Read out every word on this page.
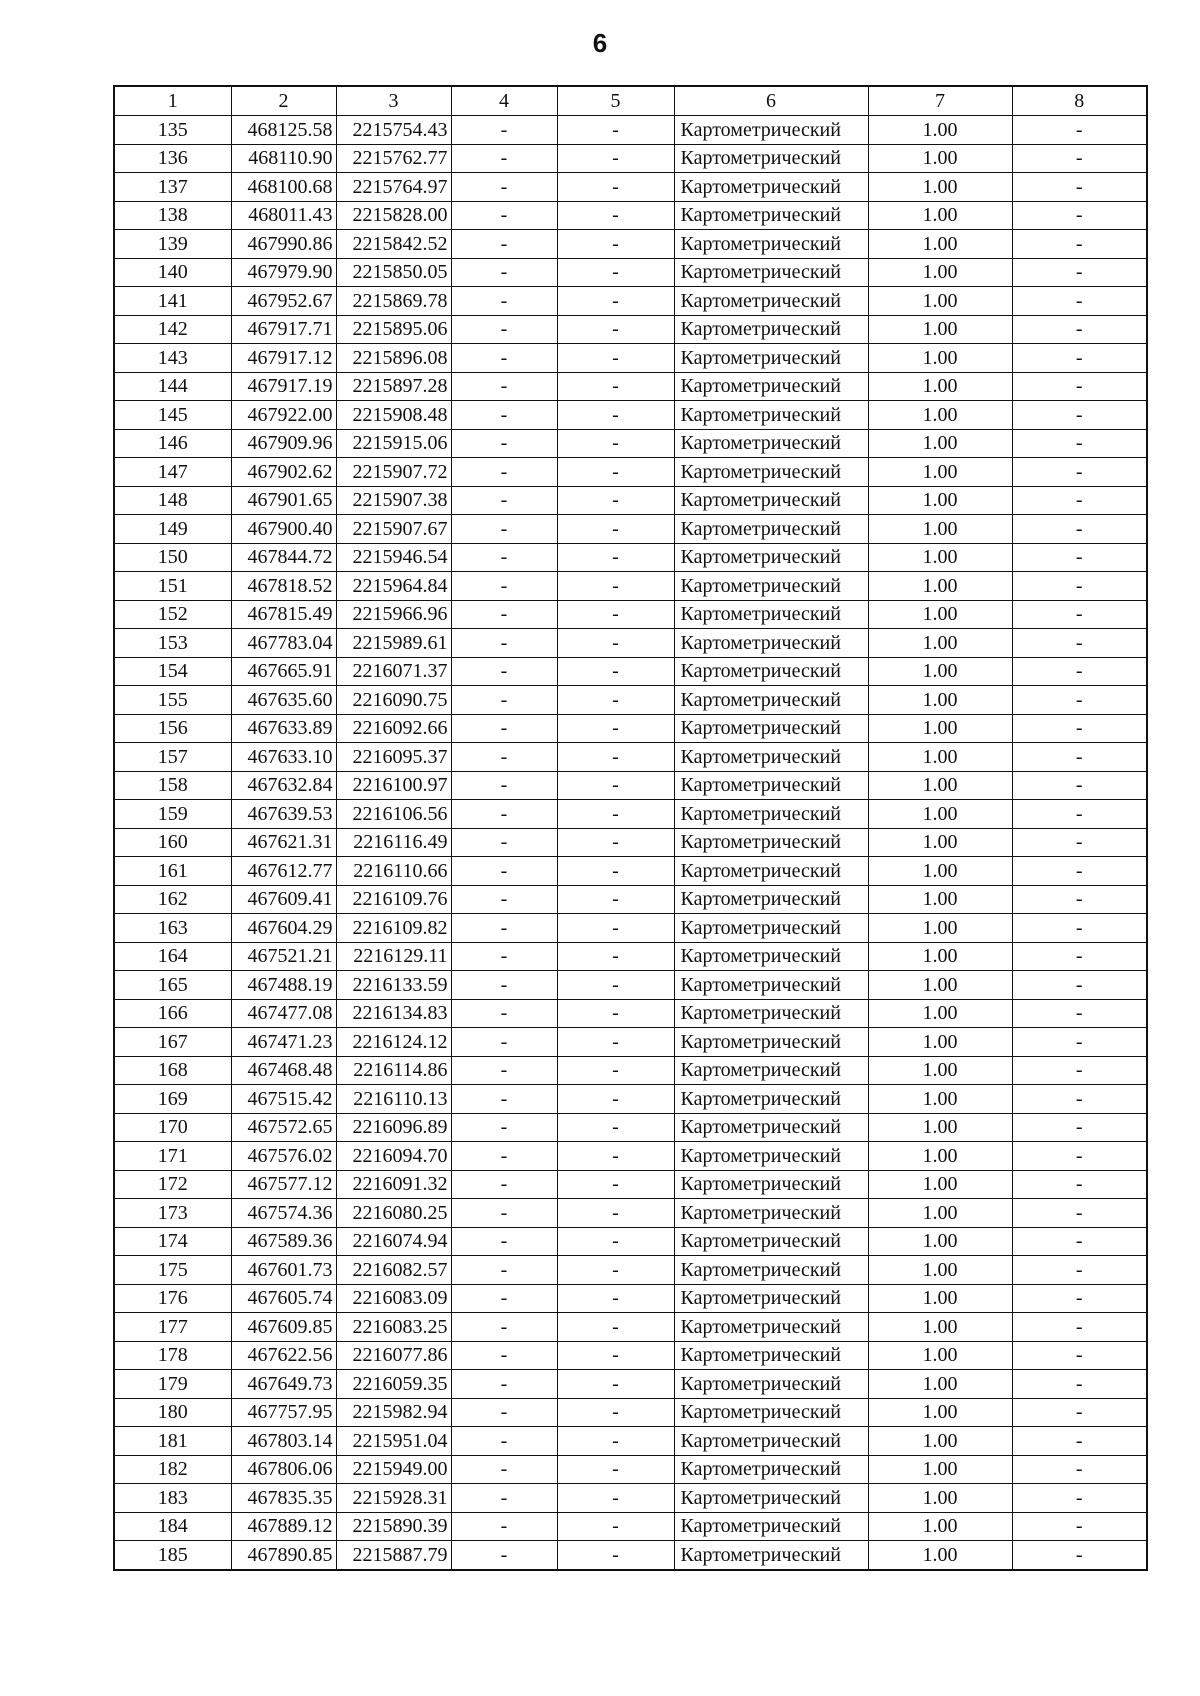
6
1	2	3	4	5	6	7	8
135	468125.58	2215754.43	-	-	Картометрический	1.00	-
136	468110.90	2215762.77	-	-	Картометрический	1.00	-
137	468100.68	2215764.97	-	-	Картометрический	1.00	-
138	468011.43	2215828.00	-	-	Картометрический	1.00	-
139	467990.86	2215842.52	-	-	Картометрический	1.00	-
140	467979.90	2215850.05	-	-	Картометрический	1.00	-
141	467952.67	2215869.78	-	-	Картометрический	1.00	-
142	467917.71	2215895.06	-	-	Картометрический	1.00	-
143	467917.12	2215896.08	-	-	Картометрический	1.00	-
144	467917.19	2215897.28	-	-	Картометрический	1.00	-
145	467922.00	2215908.48	-	-	Картометрический	1.00	-
146	467909.96	2215915.06	-	-	Картометрический	1.00	-
147	467902.62	2215907.72	-	-	Картометрический	1.00	-
148	467901.65	2215907.38	-	-	Картометрический	1.00	-
149	467900.40	2215907.67	-	-	Картометрический	1.00	-
150	467844.72	2215946.54	-	-	Картометрический	1.00	-
151	467818.52	2215964.84	-	-	Картометрический	1.00	-
152	467815.49	2215966.96	-	-	Картометрический	1.00	-
153	467783.04	2215989.61	-	-	Картометрический	1.00	-
154	467665.91	2216071.37	-	-	Картометрический	1.00	-
155	467635.60	2216090.75	-	-	Картометрический	1.00	-
156	467633.89	2216092.66	-	-	Картометрический	1.00	-
157	467633.10	2216095.37	-	-	Картометрический	1.00	-
158	467632.84	2216100.97	-	-	Картометрический	1.00	-
159	467639.53	2216106.56	-	-	Картометрический	1.00	-
160	467621.31	2216116.49	-	-	Картометрический	1.00	-
161	467612.77	2216110.66	-	-	Картометрический	1.00	-
162	467609.41	2216109.76	-	-	Картометрический	1.00	-
163	467604.29	2216109.82	-	-	Картометрический	1.00	-
164	467521.21	2216129.11	-	-	Картометрический	1.00	-
165	467488.19	2216133.59	-	-	Картометрический	1.00	-
166	467477.08	2216134.83	-	-	Картометрический	1.00	-
167	467471.23	2216124.12	-	-	Картометрический	1.00	-
168	467468.48	2216114.86	-	-	Картометрический	1.00	-
169	467515.42	2216110.13	-	-	Картометрический	1.00	-
170	467572.65	2216096.89	-	-	Картометрический	1.00	-
171	467576.02	2216094.70	-	-	Картометрический	1.00	-
172	467577.12	2216091.32	-	-	Картометрический	1.00	-
173	467574.36	2216080.25	-	-	Картометрический	1.00	-
174	467589.36	2216074.94	-	-	Картометрический	1.00	-
175	467601.73	2216082.57	-	-	Картометрический	1.00	-
176	467605.74	2216083.09	-	-	Картометрический	1.00	-
177	467609.85	2216083.25	-	-	Картометрический	1.00	-
178	467622.56	2216077.86	-	-	Картометрический	1.00	-
179	467649.73	2216059.35	-	-	Картометрический	1.00	-
180	467757.95	2215982.94	-	-	Картометрический	1.00	-
181	467803.14	2215951.04	-	-	Картометрический	1.00	-
182	467806.06	2215949.00	-	-	Картометрический	1.00	-
183	467835.35	2215928.31	-	-	Картометрический	1.00	-
184	467889.12	2215890.39	-	-	Картометрический	1.00	-
185	467890.85	2215887.79	-	-	Картометрический	1.00	-
